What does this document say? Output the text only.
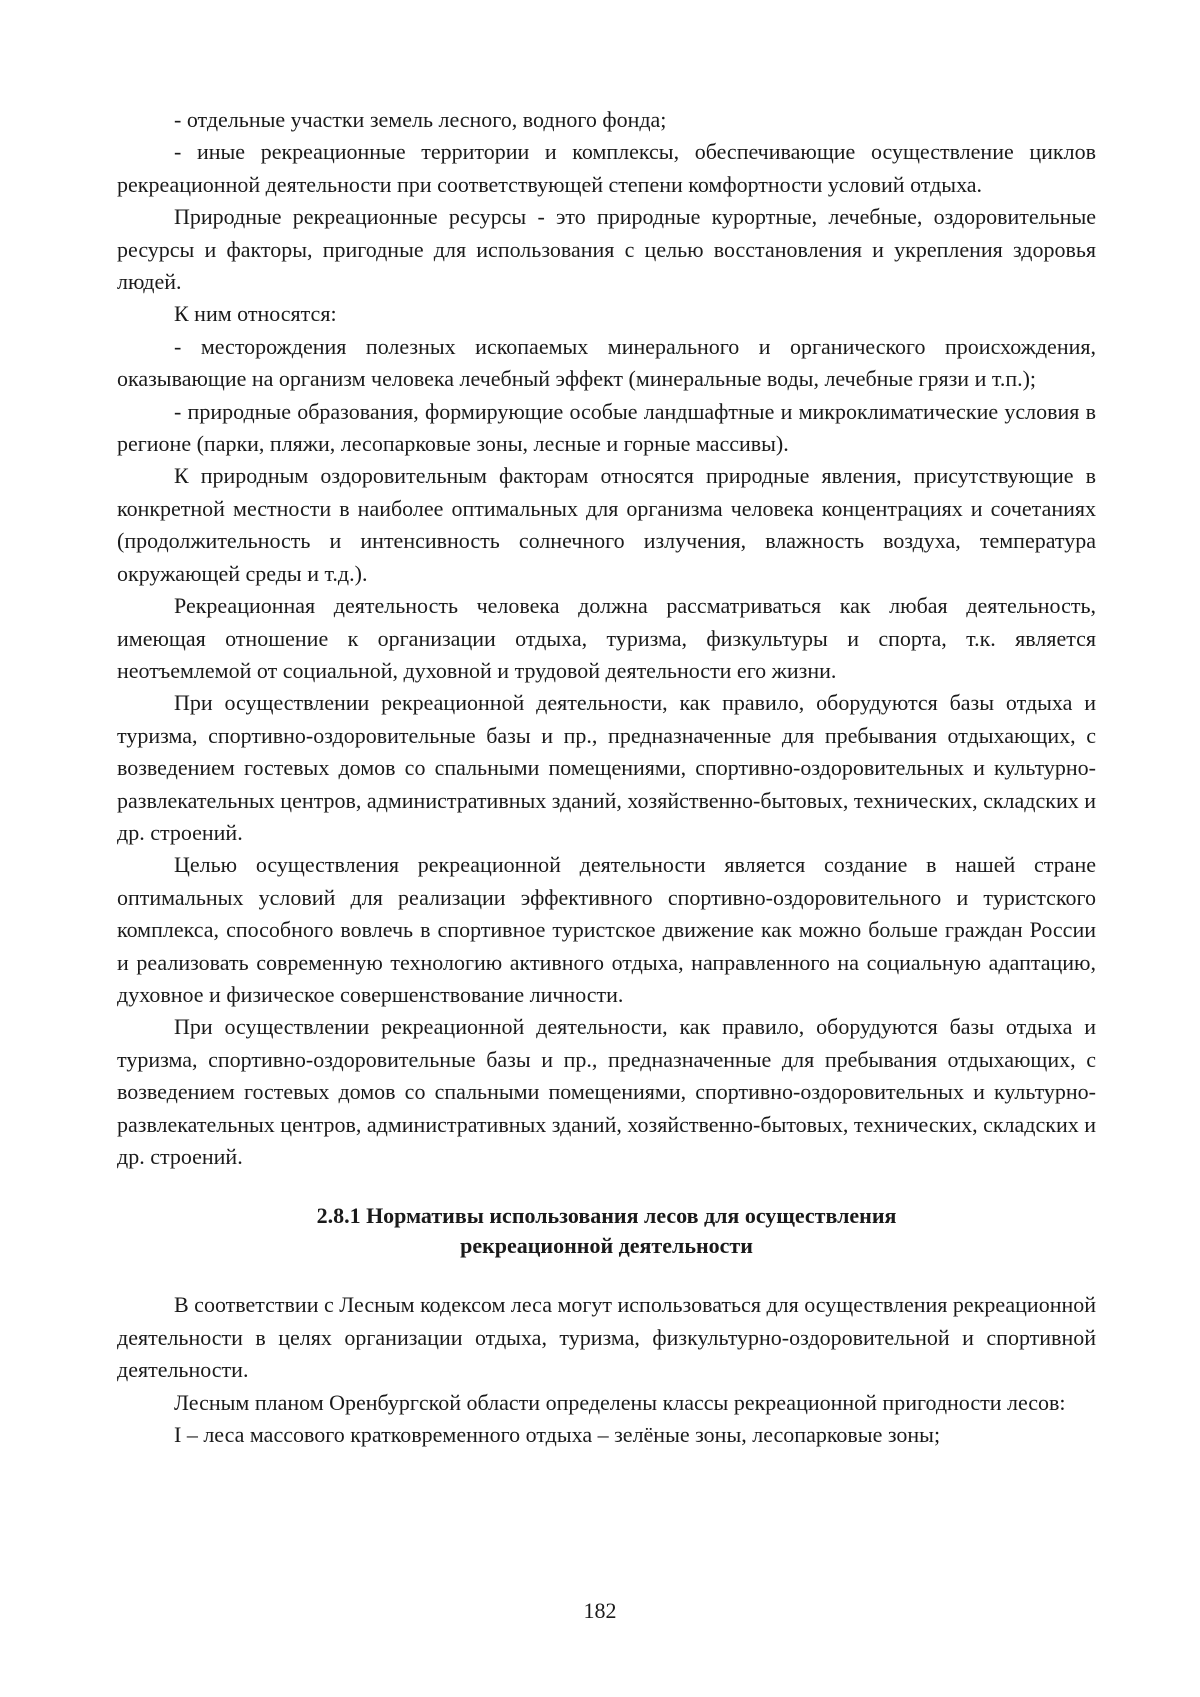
- отдельные участки земель лесного, водного фонда;

- иные рекреационные территории и комплексы, обеспечивающие осуществление циклов рекреационной деятельности при соответствующей степени комфортности условий отдыха.

Природные рекреационные ресурсы - это природные курортные, лечебные, оздоровительные ресурсы и факторы, пригодные для использования с целью восстановления и укрепления здоровья людей.

К ним относятся:

- месторождения полезных ископаемых минерального и органического происхождения, оказывающие на организм человека лечебный эффект (минеральные воды, лечебные грязи и т.п.);

- природные образования, формирующие особые ландшафтные и микроклиматические условия в регионе (парки, пляжи, лесопарковые зоны, лесные и горные массивы).

К природным оздоровительным факторам относятся природные явления, присутствующие в конкретной местности в наиболее оптимальных для организма человека концентрациях и сочетаниях (продолжительность и интенсивность солнечного излучения, влажность воздуха, температура окружающей среды и т.д.).

Рекреационная деятельность человека должна рассматриваться как любая деятельность, имеющая отношение к организации отдыха, туризма, физкультуры и спорта, т.к. является неотъемлемой от социальной, духовной и трудовой деятельности его жизни.

При осуществлении рекреационной деятельности, как правило, оборудуются базы отдыха и туризма, спортивно-оздоровительные базы и пр., предназначенные для пребывания отдыхающих, с возведением гостевых домов со спальными помещениями, спортивно-оздоровительных и культурно-развлекательных центров, административных зданий, хозяйственно-бытовых, технических, складских и др. строений.

Целью осуществления рекреационной деятельности является создание в нашей стране оптимальных условий для реализации эффективного спортивно-оздоровительного и туристского комплекса, способного вовлечь в спортивное туристское движение как можно больше граждан России и реализовать современную технологию активного отдыха, направленного на социальную адаптацию, духовное и физическое совершенствование личности.

При осуществлении рекреационной деятельности, как правило, оборудуются базы отдыха и туризма, спортивно-оздоровительные базы и пр., предназначенные для пребывания отдыхающих, с возведением гостевых домов со спальными помещениями, спортивно-оздоровительных и культурно-развлекательных центров, административных зданий, хозяйственно-бытовых, технических, складских и др. строений.

2.8.1 Нормативы использования лесов для осуществления
рекреационной деятельности

В соответствии с Лесным кодексом леса могут использоваться для осуществления рекреационной деятельности в целях организации отдыха, туризма, физкультурно-оздоровительной и спортивной деятельности.

Лесным планом Оренбургской области определены классы рекреационной пригодности лесов:

I – леса массового кратковременного отдыха – зелёные зоны, лесопарковые зоны;

182
